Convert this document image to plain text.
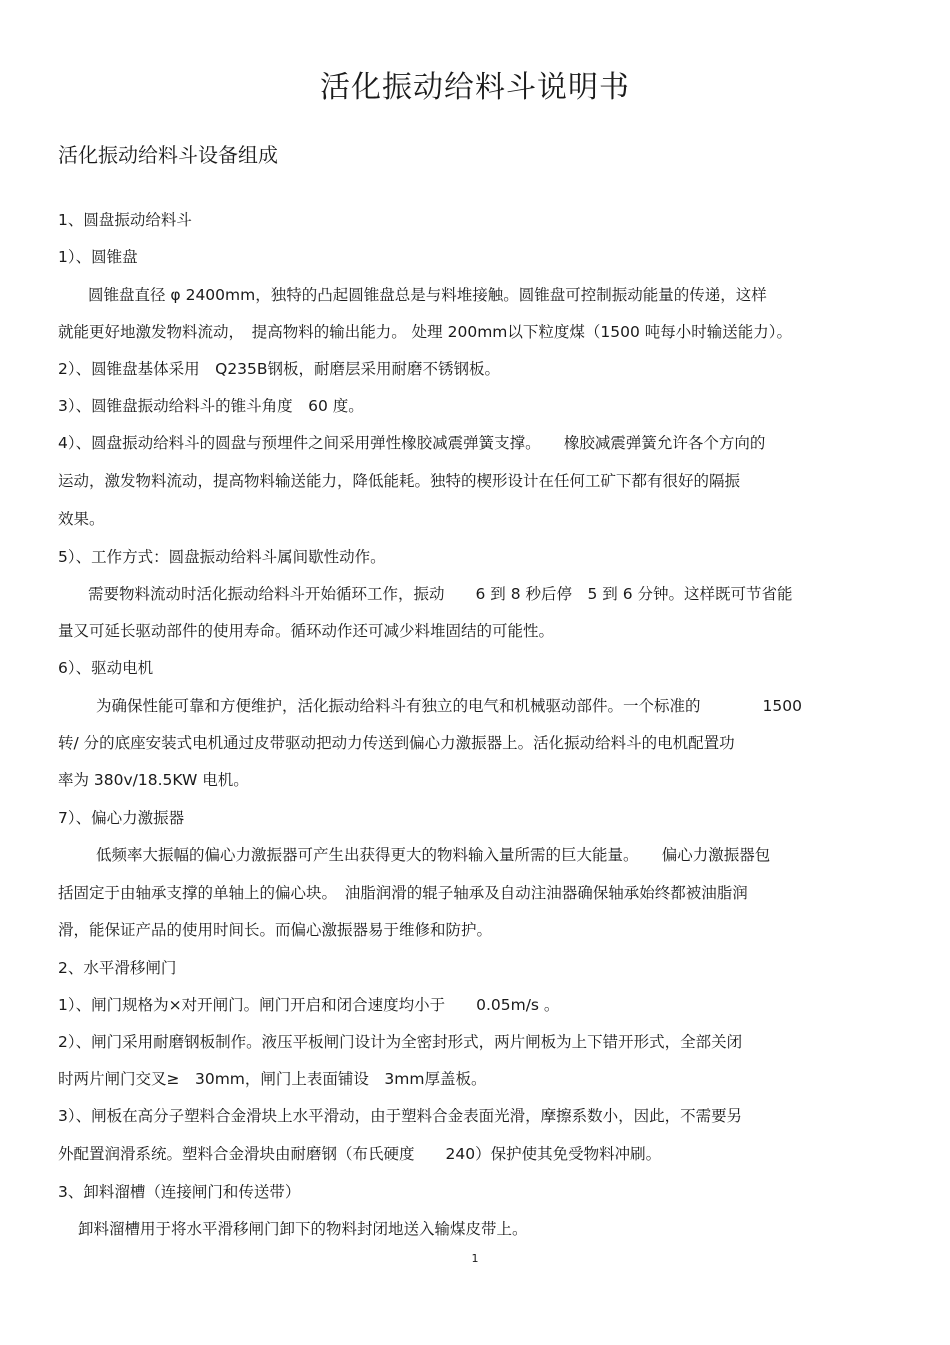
活化振动给料斗说明书
活化振动给料斗设备组成
1、圆盘振动给料斗
1）、圆锥盘
圆锥盘直径 φ 2400mm，独特的凸起圆锥盘总是与料堆接触。圆锥盘可控制振动能量的传递，这样
就能更好地激发物料流动，　提高物料的输出能力。 处理 200mm以下粒度煤（1500 吨每小时输送能力）。
2）、圆锥盘基体采用　Q235B钢板，耐磨层采用耐磨不锈钢板。
3）、圆锥盘振动给料斗的锥斗角度　60 度。
4）、圆盘振动给料斗的圆盘与预埋件之间采用弹性橡胶减震弹簧支撑。　　橡胶减震弹簧允许各个方向的
运动，激发物料流动，提高物料输送能力，降低能耗。独特的楔形设计在任何工矿下都有很好的隔振
效果。
5）、工作方式：圆盘振动给料斗属间歇性动作。
需要物料流动时活化振动给料斗开始循环工作，振动　　6 到 8 秒后停　5 到 6 分钟。这样既可节省能
量又可延长驱动部件的使用寿命。循环动作还可减少料堆固结的可能性。
6）、驱动电机
为确保性能可靠和方便维护，活化振动给料斗有独立的电气和机械驱动部件。一个标准的　　　　1500
转/ 分的底座安装式电机通过皮带驱动把动力传送到偏心力激振器上。活化振动给料斗的电机配置功
率为 380v/18.5KW 电机。
7）、偏心力激振器
低频率大振幅的偏心力激振器可产生出获得更大的物料输入量所需的巨大能量。　　偏心力激振器包
括固定于由轴承支撑的单轴上的偏心块。　油脂润滑的辊子轴承及自动注油器确保轴承始终都被油脂润
滑，能保证产品的使用时间长。而偏心激振器易于维修和防护。
2、水平滑移闸门
1）、闸门规格为×对开闸门。闸门开启和闭合速度均小于　　0.05m/s 。
2）、闸门采用耐磨钢板制作。液压平板闸门设计为全密封形式，两片闸板为上下错开形式，全部关闭
时两片闸门交叉≥　30mm，闸门上表面铺设　3mm厚盖板。
3）、闸板在高分子塑料合金滑块上水平滑动，由于塑料合金表面光滑，摩擦系数小，因此，不需要另
外配置润滑系统。塑料合金滑块由耐磨钢（布氏硬度　　240）保护使其免受物料冲刷。
3、卸料溜槽（连接闸门和传送带）
卸料溜槽用于将水平滑移闸门卸下的物料封闭地送入输煤皮带上。
1
